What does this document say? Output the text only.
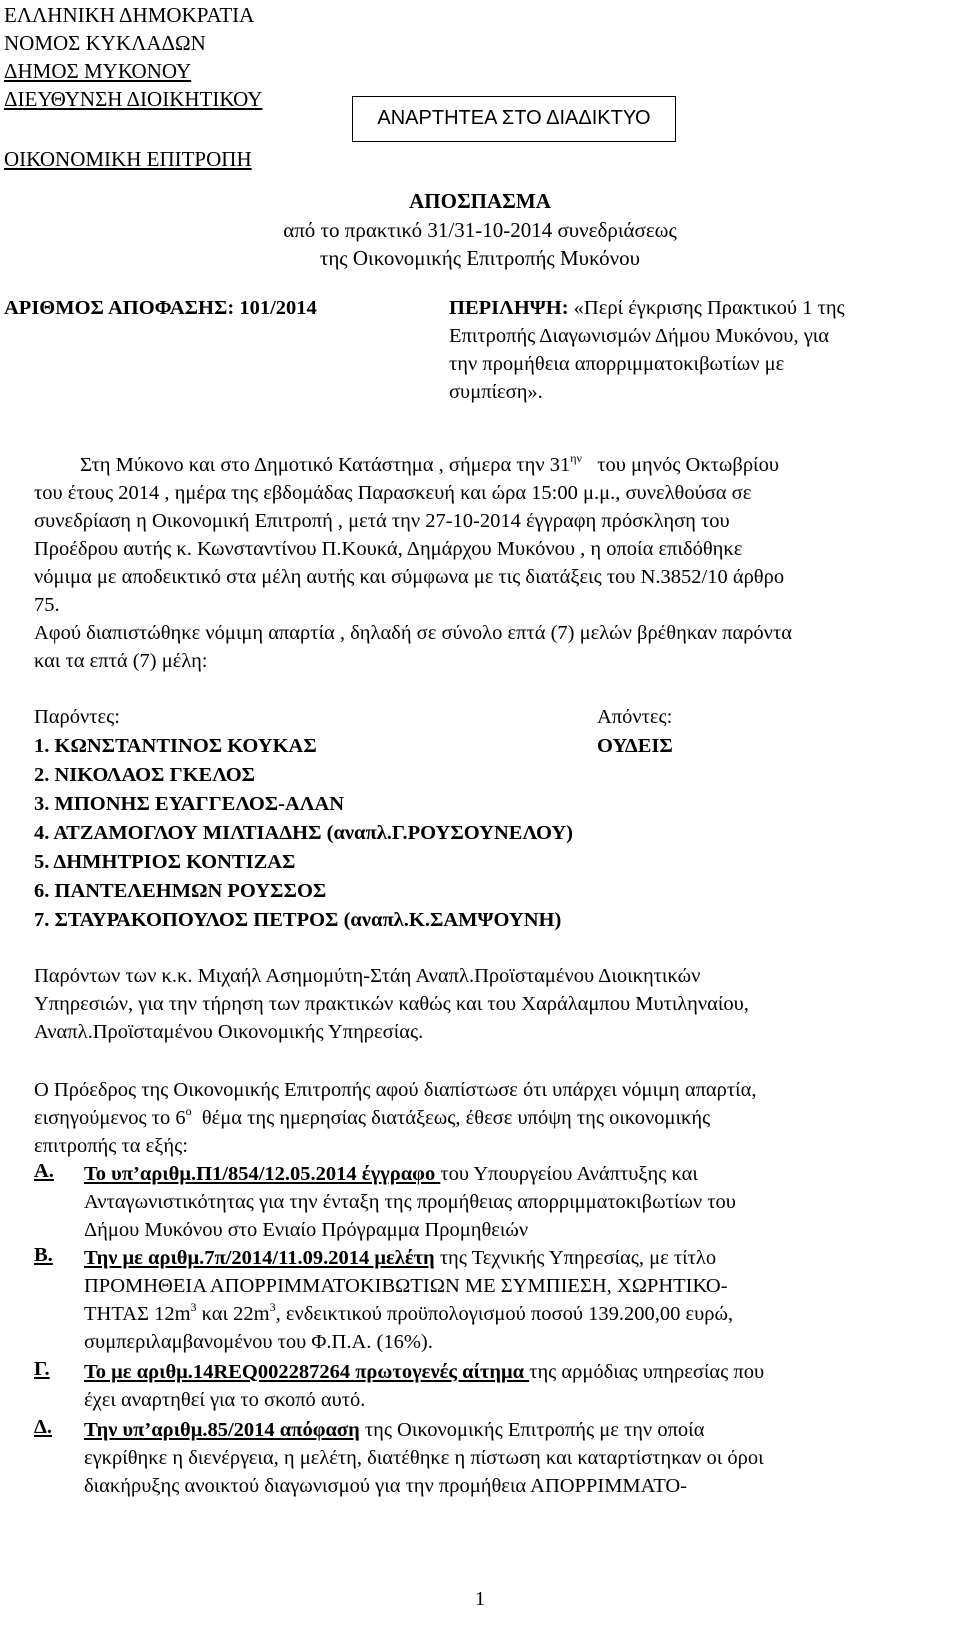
ΕΛΛΗΝΙΚΗ ΔΗΜΟΚΡΑΤΙΑ
ΝΟΜΟΣ ΚΥΚΛΑΔΩΝ
ΔΗΜΟΣ ΜΥΚΟΝΟΥ
ΔΙΕΥΘΥΝΣΗ ΔΙΟΙΚΗΤΙΚΟΥ
ΟΙΚΟΝΟΜΙΚΗ ΕΠΙΤΡΟΠΗ
ΑΝΑΡΤΗΤΕΑ ΣΤΟ ΔΙΑΔΙΚΤΥΟ
ΑΠΟΣΠΑΣΜΑ
από το πρακτικό 31/31-10-2014 συνεδριάσεως
της Οικονομικής Επιτροπής Μυκόνου
ΑΡΙΘΜΟΣ ΑΠΟΦΑΣΗΣ: 101/2014	ΠΕΡΙΛΗΨΗ: «Περί έγκρισης Πρακτικού 1 της
Επιτροπής Διαγωνισμών Δήμου Μυκόνου, για
την προμήθεια απορριμματοκιβωτίων με
συμπίεση».
Στη Μύκονο και στο Δημοτικό Κατάστημα , σήμερα την $31^{\eta\nu}$ του μηνός Οκτωβρίου
του έτους 2014 , ημέρα της εβδομάδας Παρασκευή και ώρα 15:00 μ.μ., συνελθούσα σε
συνεδρίαση η Οικονομική Επιτροπή , μετά την 27-10-2014 έγγραφη πρόσκληση του
Προέδρου αυτής κ. Κωνσταντίνου Π.Κουκά, Δημάρχου Μυκόνου , η οποία επιδόθηκε
νόμιμα με αποδεικτικό στα μέλη αυτής και σύμφωνα με τις διατάξεις του Ν.3852/10 άρθρο
75.
Αφού διαπιστώθηκε νόμιμη απαρτία , δηλαδή σε σύνολο επτά (7) μελών βρέθηκαν παρόντα
και τα επτά (7) μέλη:
Παρόντες:	Απόντες:
ΟΥΔΕΙΣ
1. ΚΩΝΣΤΑΝΤΙΝΟΣ ΚΟΥΚΑΣ
2. ΝΙΚΟΛΑΟΣ ΓΚΕΛΟΣ
3. ΜΠΟΝΗΣ ΕΥΑΓΓΕΛΟΣ-ΑΛΑΝ
4. ΑΤΖΑΜΟΓΛΟΥ ΜΙΛΤΙΑΔΗΣ (αναπλ.Γ.ΡΟΥΣΟΥΝΕΛΟΥ)
5. ΔΗΜΗΤΡΙΟΣ ΚΟΝΤΙΖΑΣ
6. ΠΑΝΤΕΛΕΗΜΩΝ ΡΟΥΣΣΟΣ
7. ΣΤΑΥΡΑΚΟΠΟΥΛΟΣ ΠΕΤΡΟΣ (αναπλ.Κ.ΣΑΜΨΟΥΝΗ)
Παρόντων των κ.κ. Μιχαήλ Ασημομύτη-Στάη Αναπλ.Προϊσταμένου Διοικητικών
Υπηρεσιών, για την τήρηση των πρακτικών καθώς και του Χαράλαμπου Μυτιληναίου,
Αναπλ.Προϊσταμένου Οικονομικής Υπηρεσίας.
Ο Πρόεδρος της Οικονομικής Επιτροπής αφού διαπίστωσε ότι υπάρχει νόμιμη απαρτία,
εισηγούμενος το $6^o$ θέμα της ημερησίας διατάξεως, έθεσε υπόψη της οικονομικής
επιτροπής τα εξής:
Α. Το υπ’αριθμ.Π1/854/12.05.2014 έγγραφο του Υπουργείου Ανάπτυξης και
Ανταγωνιστικότητας για την ένταξη της προμήθειας απορριμματοκιβωτίων του
Δήμου Μυκόνου στο Ενιαίο Πρόγραμμα Προμηθειών
Β. Την με αριθμ.7π/2014/11.09.2014 μελέτη της Τεχνικής Υπηρεσίας, με τίτλο
ΠΡΟΜΗΘΕΙΑ ΑΠΟΡΡΙΜΜΑΤΟΚΙΒΩΤΙΩΝ ΜΕ ΣΥΜΠΙΕΣΗ, ΧΩΡΗΤΙΚΟ-
ΤΗΤΑΣ $12m^3$ και $22m^3$, ενδεικτικού προϋπολογισμού ποσού 139.200,00 ευρώ,
συμπεριλαμβανομένου του Φ.Π.Α. (16%).
Γ. Το με αριθμ.14REQ002287264 πρωτογενές αίτημα της αρμόδιας υπηρεσίας που
έχει αναρτηθεί για το σκοπό αυτό.
Δ. Την υπ’αριθμ.85/2014 απόφαση της Οικονομικής Επιτροπής με την οποία
εγκρίθηκε η διενέργεια, η μελέτη, διατέθηκε η πίστωση και καταρτίστηκαν οι όροι
διακήρυξης ανοικτού διαγωνισμού για την προμήθεια ΑΠΟΡΡΙΜΜΑΤΟ-
1
